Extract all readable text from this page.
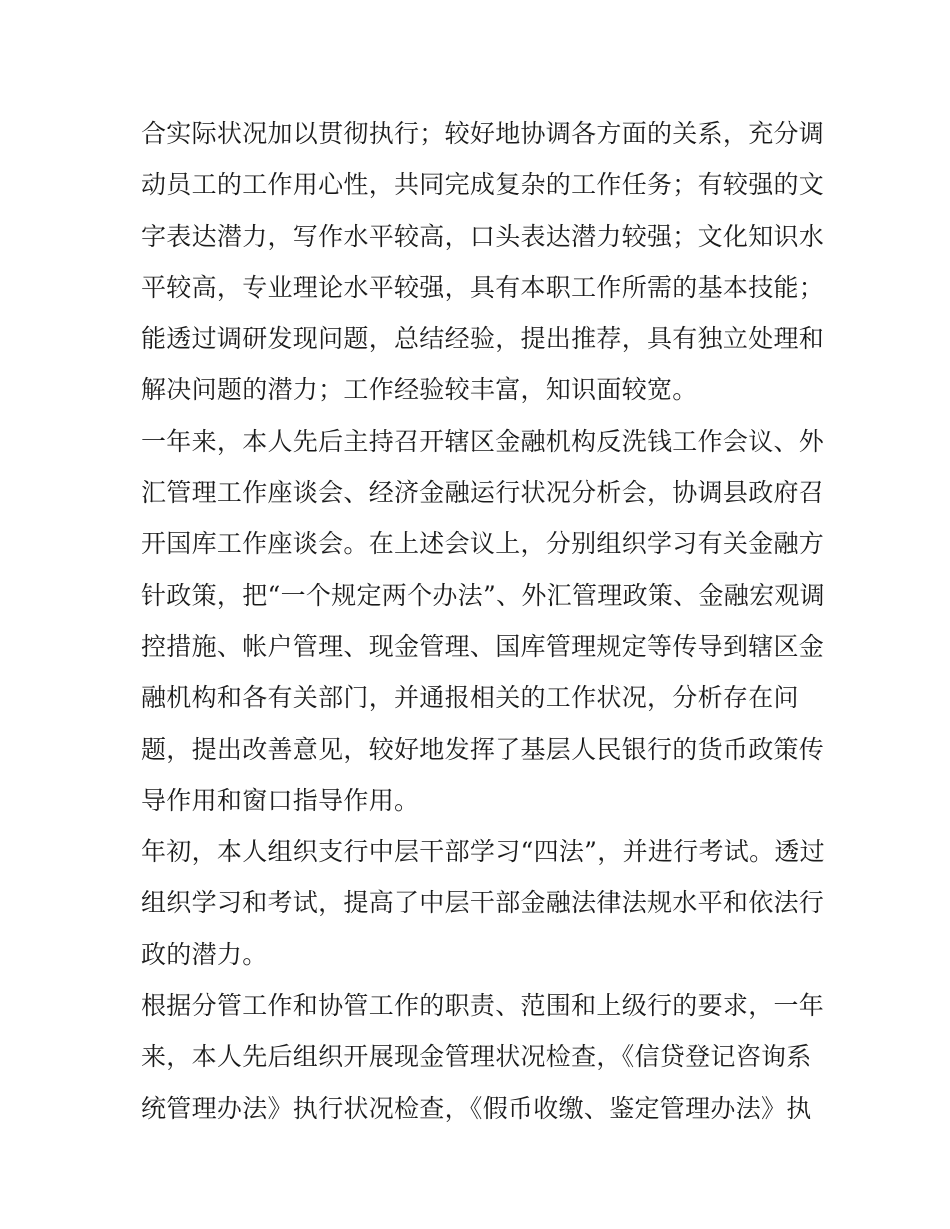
合实际状况加以贯彻执行；较好地协调各方面的关系，充分调
动员工的工作用心性，共同完成复杂的工作任务；有较强的文
字表达潜力，写作水平较高，口头表达潜力较强；文化知识水
平较高，专业理论水平较强，具有本职工作所需的基本技能；
能透过调研发现问题，总结经验，提出推荐，具有独立处理和
解决问题的潜力；工作经验较丰富，知识面较宽。
一年来，本人先后主持召开辖区金融机构反洗钱工作会议、外
汇管理工作座谈会、经济金融运行状况分析会，协调县政府召
开国库工作座谈会。在上述会议上，分别组织学习有关金融方
针政策，把“一个规定两个办法”、外汇管理政策、金融宏观调
控措施、帐户管理、现金管理、国库管理规定等传导到辖区金
融机构和各有关部门，并通报相关的工作状况，分析存在问
题，提出改善意见，较好地发挥了基层人民银行的货币政策传
导作用和窗口指导作用。
年初，本人组织支行中层干部学习“四法”，并进行考试。透过
组织学习和考试，提高了中层干部金融法律法规水平和依法行
政的潜力。
根据分管工作和协管工作的职责、范围和上级行的要求，一年
来，本人先后组织开展现金管理状况检查，《信贷登记咨询系
统管理办法》执行状况检查，《假币收缴、鉴定管理办法》执
